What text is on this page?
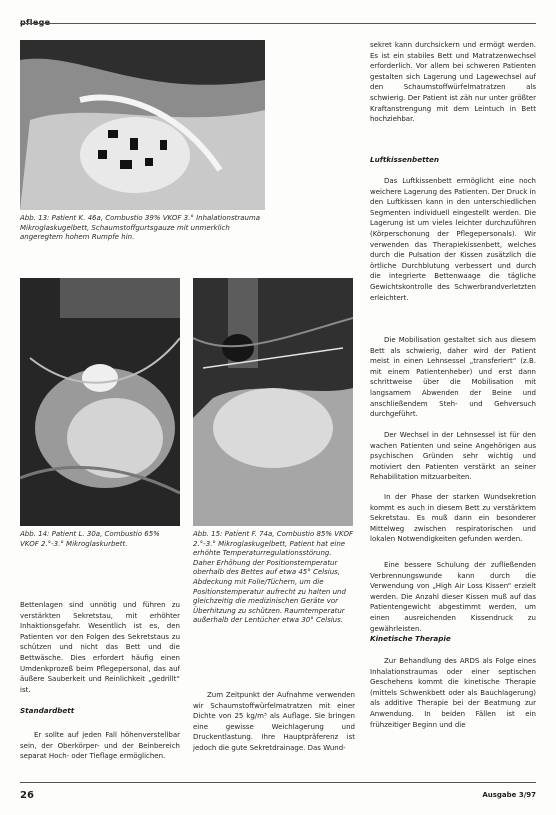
pflege

Abb. 13: Patient K. 46a, Combustio 39% VKOF 3.° Inhalationstrauma Mikroglaskugelbett, Schaumstoffgurtsgauze mit unmerklich angeregtem hohem Rumpfe hin.

Abb. 14: Patient L. 30a, Combustio 65% VKOF 2.°-3.° Mikroglaskurbett.

Abb. 15: Patient F. 74a, Combustio 85% VKOF 2.°-3.° Mikroglaskugelbett, Patient hat eine erhöhte Temperaturregulationsstörung. Daher Erhöhung der Positionstemperatur oberhalb des Bettes auf etwa 45° Celsius, Abdeckung mit Folie/Tüchern, um die Positionstemperatur aufrecht zu halten und gleichzeitig die medizinischen Geräte vor Überhitzung zu schützen. Raumtemperatur außerhalb der Lentücher etwa 30° Celsius.

Bettenlagen sind unnötig und führen zu verstärkten Sekretstau, mit erhöhter Inhaktionsgefahr. Wesentlich ist es, den Patienten vor den Folgen des Sekretstaus zu schützen und nicht das Bett und die Bettwäsche. Dies erfordert häufig einen Umdenkprozeß beim Pflegepersonal, das auf äußere Sauberkeit und Reinlichkeit „gedrillt“ ist.

Standardbett

Er sollte auf jeden Fall höhenverstellbar sein, der Oberkörper- und der Beinbereich separat Hoch- oder Tieflage ermöglichen.

Zum Zeitpunkt der Aufnahme verwenden wir Schaumstoffwürfelmatratzen mit einer Dichte von 25 kg/m³ als Auflage. Sie bringen eine gewisse Weichlagerung und Druckentlastung. Ihre Hauptpräferenz ist jedoch die gute Sekretdrainage. Das Wund-

sekret kann durchsickern und ermögt werden. Es ist ein stabiles Bett und Matratzenwechsel erforderlich. Vor allem bei schweren Patienten gestalten sich Lagerung und Lagewechsel auf den Schaumstoffwürfelmatratzen als schwierig. Der Patient ist zäh nur unter größter Kraftanstrengung mit dem Leintuch in Bett hochziehbar.

Luftkissenbetten

Das Luftkissenbett ermöglicht eine noch weichere Lagerung des Patienten. Der Druck in den Luftkissen kann in den unterschiedlichen Segmenten individuell eingestellt werden. Die Lagerung ist um vieles leichter durchzuführen (Körperschonung der Pflegepersonals). Wir verwenden das Therapiekissenbett, welches durch die Pulsation der Kissen zusätzlich die örtliche Durchblutung verbessert und durch die integrierte Bettenwaage die tägliche Gewichtskontrolle des Schwerbrandverletzten erleichtert.

Die Mobilisation gestaltet sich aus diesem Bett als schwierig, daher wird der Patient meist in einen Lehnsessel „transferiert“ (z.B. mit einem Patientenheber) und erst dann schrittweise über die Mobilisation mit langsamem Abwenden der Beine und anschließendem Steh- und Gehversuch durchgeführt.

Der Wechsel in der Lehnsessel ist für den wachen Patienten und seine Angehörigen aus psychischen Gründen sehr wichtig und motiviert den Patienten verstärkt an seiner Rehabilitation mitzuarbeiten.

In der Phase der starken Wundsekretion kommt es auch in diesem Bett zu verstärktem Sekretstau. Es muß dann ein besonderer Mittelweg zwischen respiratorischen und lokalen Notwendigkeiten gefunden werden.

Eine bessere Schulung der zufließenden Verbrennungswunde kann durch die Verwendung von „High Air Loss Kissen“ erzielt werden. Die Anzahl dieser Kissen muß auf das Patientengewicht abgestimmt werden, um einen ausreichenden Kissendruck zu gewährleisten.

Kinetische Therapie

Zur Behandlung des ARDS als Folge eines Inhalationstraumas oder einer septischen Geschehens kommt die kinetische Therapie (mittels Schwenkbett oder als Bauchlagerung) als additive Therapie bei der Beatmung zur Anwendung. In beiden Fällen ist ein frühzeitiger Beginn und die

26	Ausgabe 3/97
